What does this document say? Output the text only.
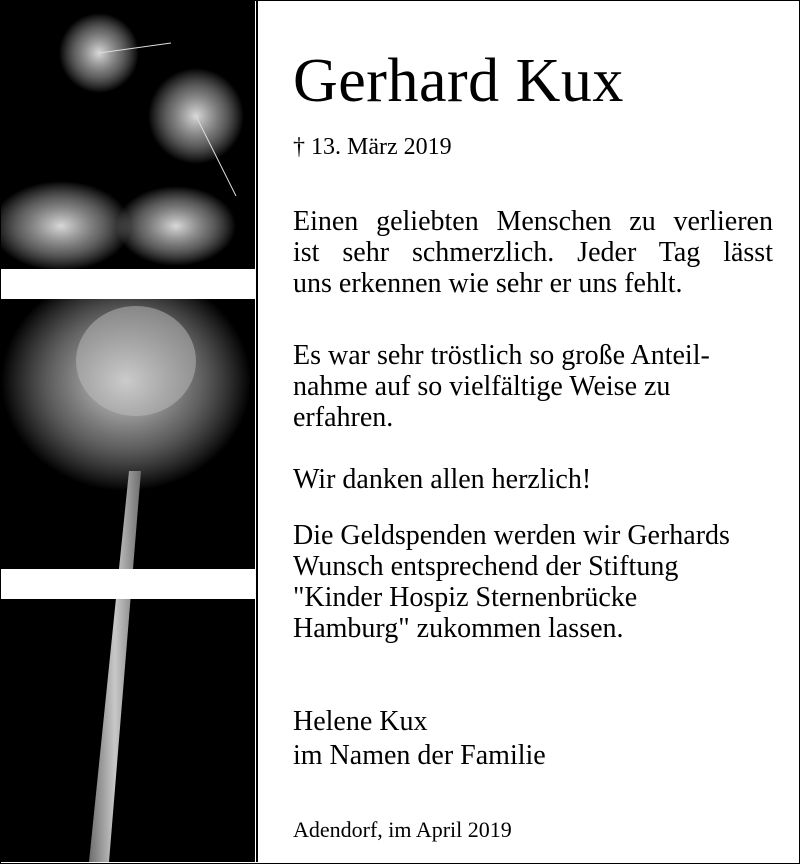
Gerhard Kux
† 13. März 2019

Einen geliebten Menschen zu verlieren
ist sehr schmerzlich. Jeder Tag lässt
uns erkennen wie sehr er uns fehlt.

Es war sehr tröstlich so große Anteil-
nahme auf so vielfältige Weise zu
erfahren.

Wir danken allen herzlich!

Die Geldspenden werden wir Gerhards
Wunsch entsprechend der Stiftung
"Kinder Hospiz Sternenbrücke
Hamburg" zukommen lassen.

Helene Kux
im Namen der Familie
Adendorf, im April 2019
